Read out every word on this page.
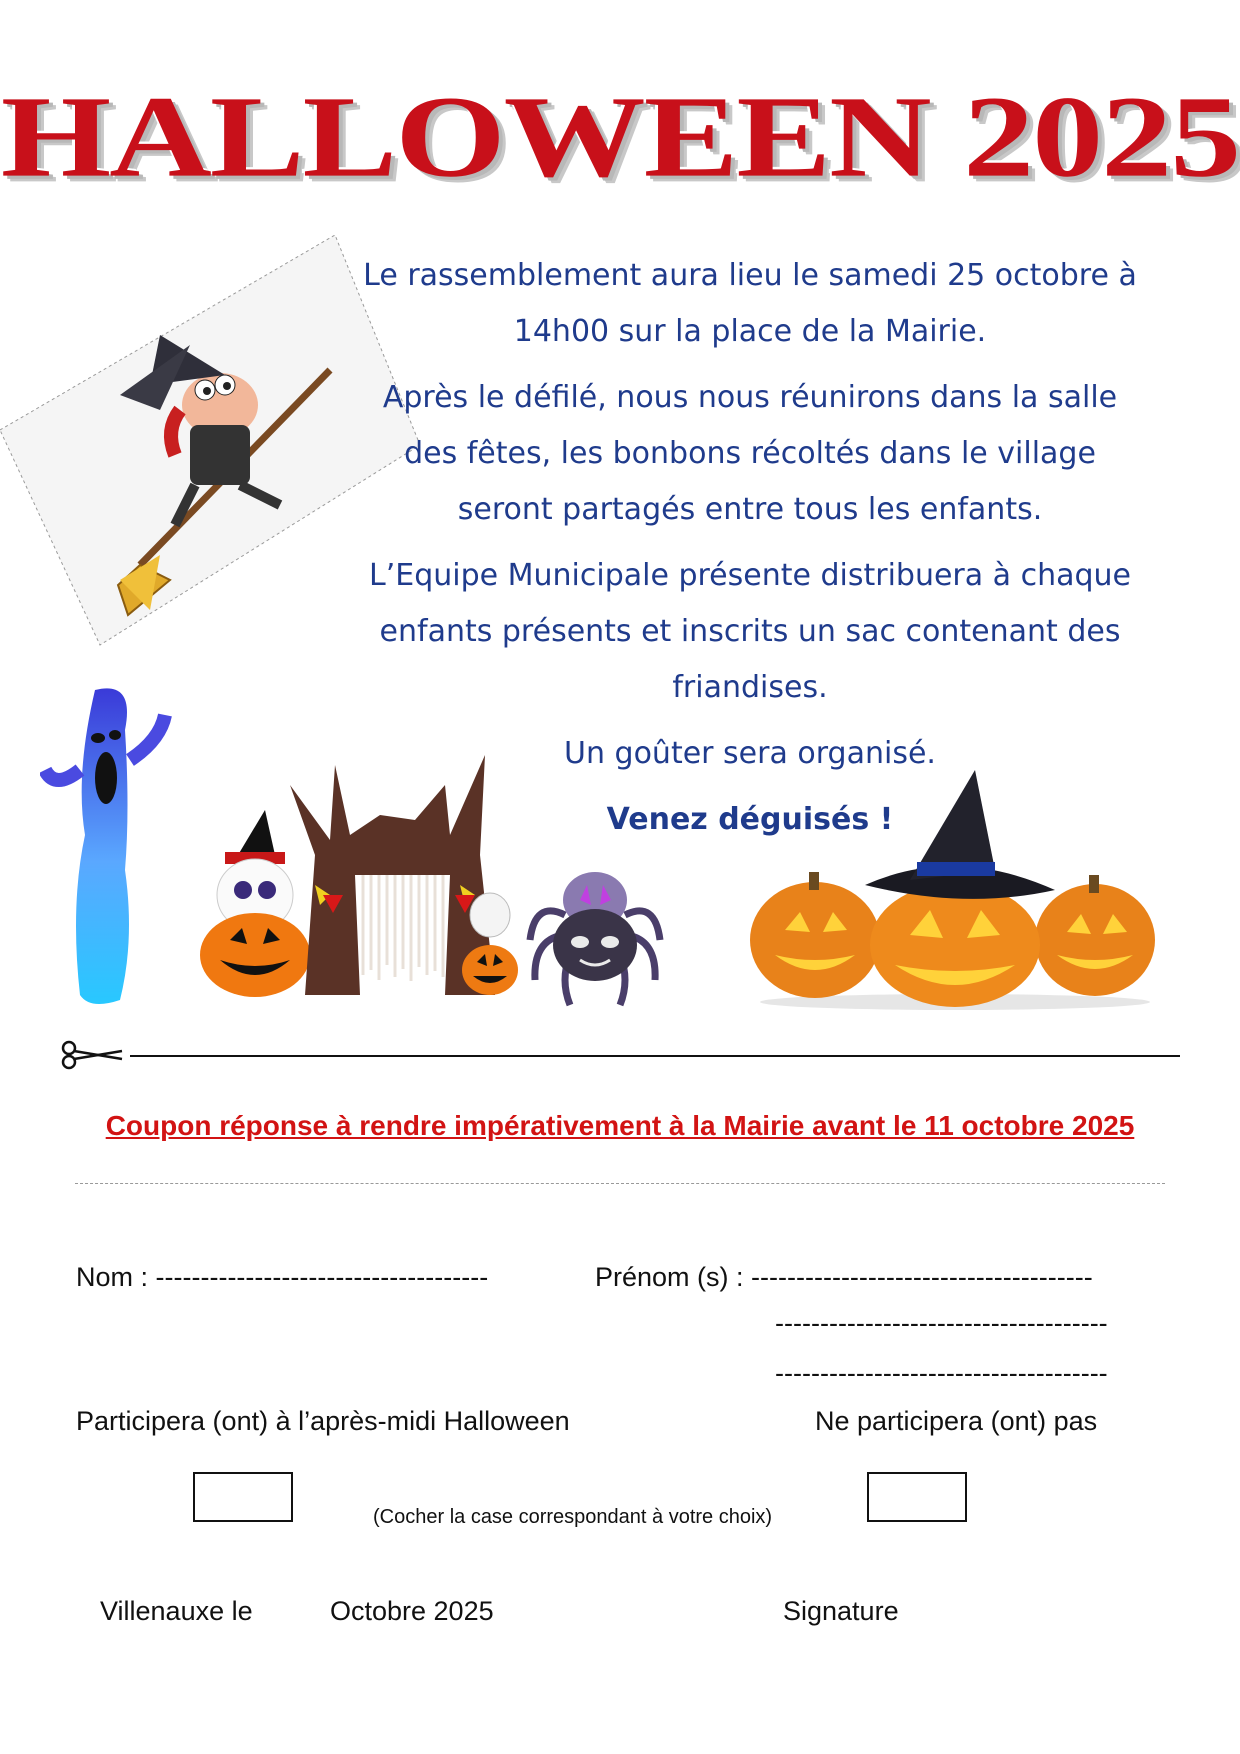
HALLOWEEN 2025

Le rassemblement aura lieu le samedi 25 octobre à 14h00 sur la place de la Mairie.

Après le défilé, nous nous réunirons dans la salle des fêtes, les bonbons récoltés dans le village seront partagés entre tous les enfants.

L’Equipe Municipale présente distribuera à chaque enfants présents et inscrits un sac contenant des friandises.

Un goûter sera organisé.

Venez déguisés !

Coupon réponse à rendre impérativement à la Mairie avant le 11 octobre 2025
Nom : -------------------------------------	Prénom (s) : --------------------------------------
-------------------------------------
-------------------------------------
Participera (ont) à l’après-midi Halloween	Ne participera (ont) pas
(Cocher la case correspondant à votre choix)
Villenauxe le	Octobre 2025	Signature
